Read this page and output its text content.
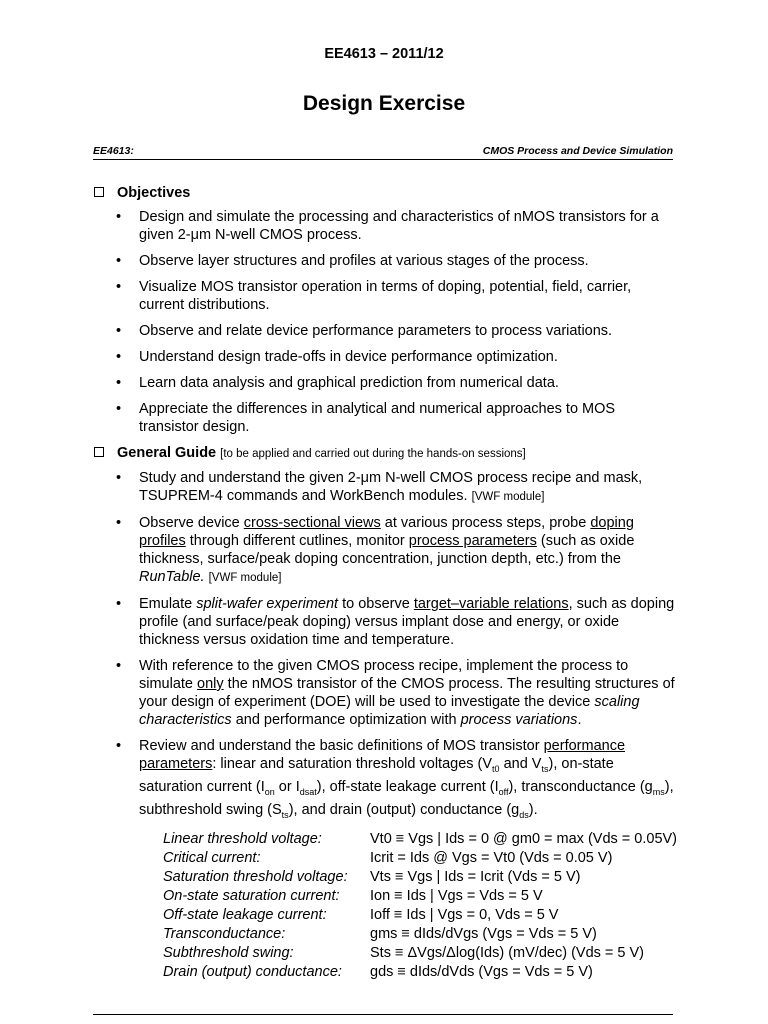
EE4613 – 2011/12
Design Exercise
EE4613:	CMOS Process and Device Simulation
Objectives
• Design and simulate the processing and characteristics of nMOS transistors for a given 2-μm N-well CMOS process.
• Observe layer structures and profiles at various stages of the process.
• Visualize MOS transistor operation in terms of doping, potential, field, carrier, current distributions.
• Observe and relate device performance parameters to process variations.
• Understand design trade-offs in device performance optimization.
• Learn data analysis and graphical prediction from numerical data.
• Appreciate the differences in analytical and numerical approaches to MOS transistor design.
General Guide [to be applied and carried out during the hands-on sessions]
• Study and understand the given 2-μm N-well CMOS process recipe and mask, TSUPREM-4 commands and WorkBench modules. [VWF module]
• Observe device cross-sectional views at various process steps, probe doping profiles through different cutlines, monitor process parameters (such as oxide thickness, surface/peak doping concentration, junction depth, etc.) from the RunTable. [VWF module]
• Emulate split-wafer experiment to observe target–variable relations, such as doping profile (and surface/peak doping) versus implant dose and energy, or oxide thickness versus oxidation time and temperature.
• With reference to the given CMOS process recipe, implement the process to simulate only the nMOS transistor of the CMOS process. The resulting structures of your design of experiment (DOE) will be used to investigate the device scaling characteristics and performance optimization with process variations.
• Review and understand the basic definitions of MOS transistor performance parameters: linear and saturation threshold voltages ($V_{t0}$ and $V_{ts}$), on-state saturation current ($I_{on}$ or $I_{dsat}$), off-state leakage current $(I_{off})$, transconductance $(g_{ms})$, subthreshold swing $(S_{ts})$, and drain (output) conductance $(g_{ds})$.
Linear threshold voltage:	Vt0 ≡ Vgs | Ids = 0 @ gm0 = max (Vds = 0.05V)
Critical current:	Icrit = Ids @ Vgs = Vt0 (Vds = 0.05 V)
Saturation threshold voltage:	Vts ≡ Vgs | Ids = Icrit (Vds = 5 V)
On-state saturation current:	Ion ≡ Ids | Vgs = Vds = 5 V
Off-state leakage current:	Ioff ≡ Ids | Vgs = 0, Vds = 5 V
Transconductance:	gms ≡ dIds/dVgs (Vgs = Vds = 5 V)
Subthreshold swing:	Sts ≡ ΔVgs/Δlog(Ids) (mV/dec) (Vds = 5 V)
Drain (output) conductance:	gds ≡ dIds/dVds (Vgs = Vds = 5 V)
